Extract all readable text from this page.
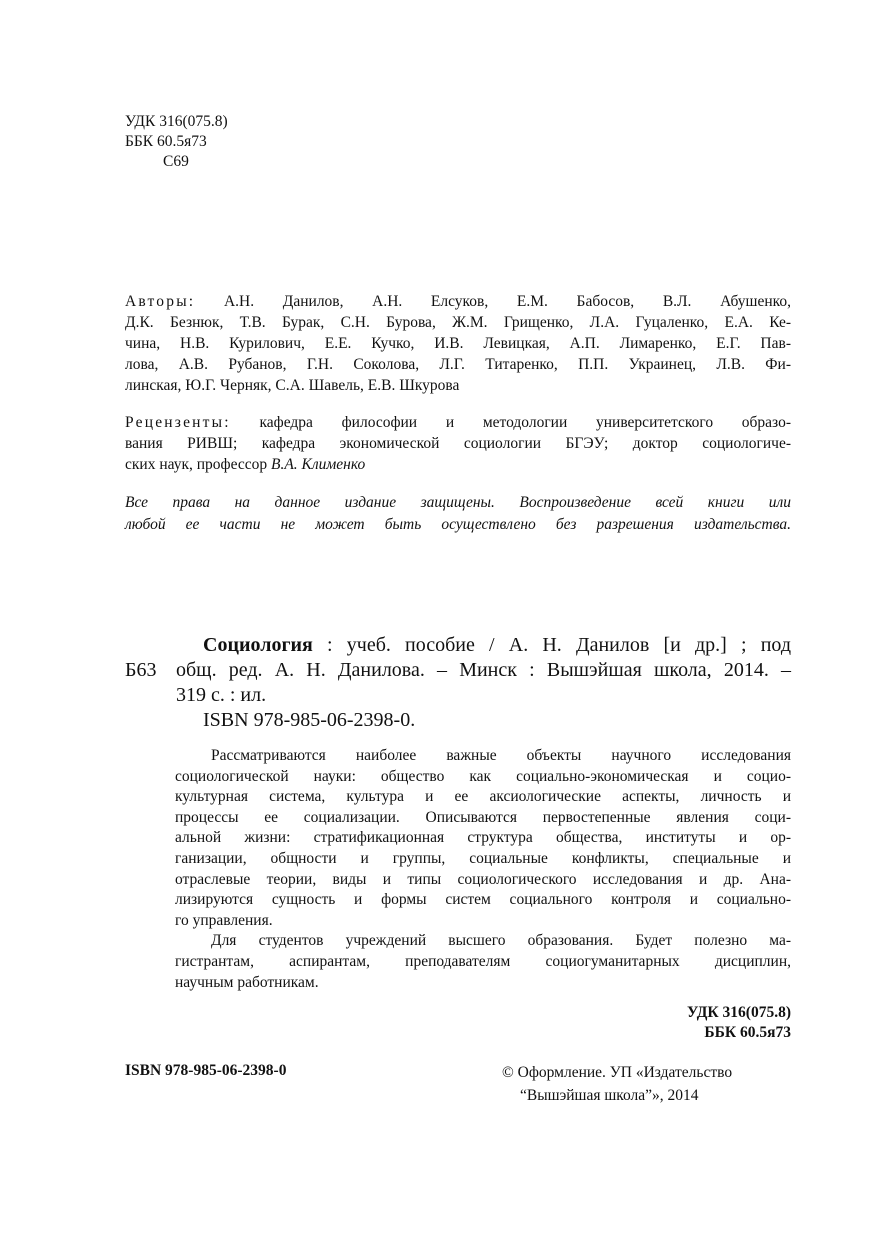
УДК 316(075.8)
ББК 60.5я73
С69
Авторы: А.Н. Данилов, А.Н. Елсуков, Е.М. Бабосов, В.Л. Абушенко,
Д.К. Безнюк, Т.В. Бурак, С.Н. Бурова, Ж.М. Грищенко, Л.А. Гуцаленко, Е.А. Ке-
чина, Н.В. Курилович, Е.Е. Кучко, И.В. Левицкая, А.П. Лимаренко, Е.Г. Пав-
лова, А.В. Рубанов, Г.Н. Соколова, Л.Г. Титаренко, П.П. Украинец, Л.В. Фи-
линская, Ю.Г. Черняк, С.А. Шавель, Е.В. Шкурова
Рецензенты: кафедра философии и методологии университетского образо-
вания РИВШ; кафедра экономической социологии БГЭУ; доктор социологиче-
ских наук, профессор В.А. Клименко
Все права на данное издание защищены. Воспроизведение всей книги или
любой ее части не может быть осуществлено без разрешения издательства.
Б63
Социология : учеб. пособие / А. Н. Данилов [и др.] ; под
общ. ред. А. Н. Данилова. – Минск : Вышэйшая школа, 2014. –
319 с. : ил.
ISBN 978-985-06-2398-0.
Рассматриваются наиболее важные объекты научного исследования
социологической науки: общество как социально-экономическая и социо-
культурная система, культура и ее аксиологические аспекты, личность и
процессы ее социализации. Описываются первостепенные явления соци-
альной жизни: стратификационная структура общества, институты и ор-
ганизации, общности и группы, социальные конфликты, специальные и
отраслевые теории, виды и типы социологического исследования и др. Ана-
лизируются сущность и формы систем социального контроля и социально-
го управления.
Для студентов учреждений высшего образования. Будет полезно ма-
гистрантам, аспирантам, преподавателям социогуманитарных дисциплин,
научным работникам.
УДК 316(075.8)
ББК 60.5я73
ISBN 978-985-06-2398-0	© Оформление. УП «Издательство
“Вышэйшая школа”», 2014
